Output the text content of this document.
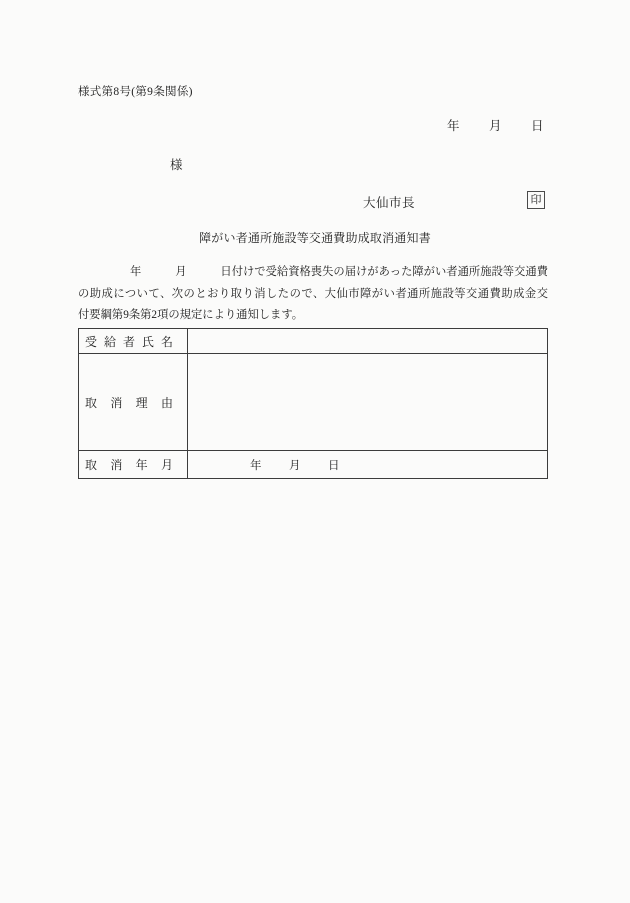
様式第8号(第9条関係)
年　　月　　日
様
大仙市長	印
障がい者通所施設等交通費助成取消通知書
年　　　月　　　日付けで受給資格喪失の届けがあった障がい者通所施設等交通費
の助成について、次のとおり取り消したので、大仙市障がい者通所施設等交通費助成金交
付要綱第9条第2項の規定により通知します。
受 給 者 氏 名
取 消 理 由
取 消 年 月	年　　月　　日
